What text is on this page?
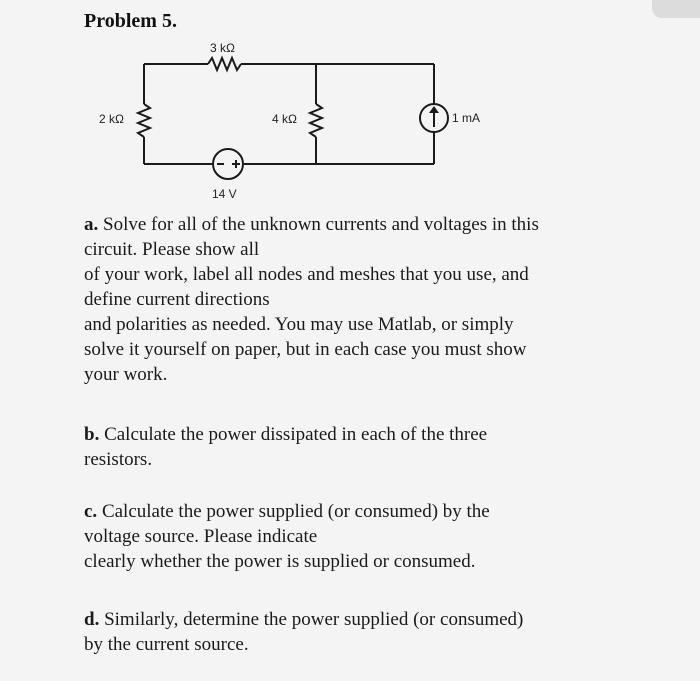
Problem 5.
3 kΩ
2 kΩ	4 kΩ
14 V
1 mA
a. Solve for all of the unknown currents and voltages in this
circuit. Please show all
of your work, label all nodes and meshes that you use, and
define current directions
and polarities as needed. You may use Matlab, or simply
solve it yourself on paper, but in each case you must show
your work.
b. Calculate the power dissipated in each of the three
resistors.
c. Calculate the power supplied (or consumed) by the
voltage source. Please indicate
clearly whether the power is supplied or consumed.
d. Similarly, determine the power supplied (or consumed)
by the current source.
